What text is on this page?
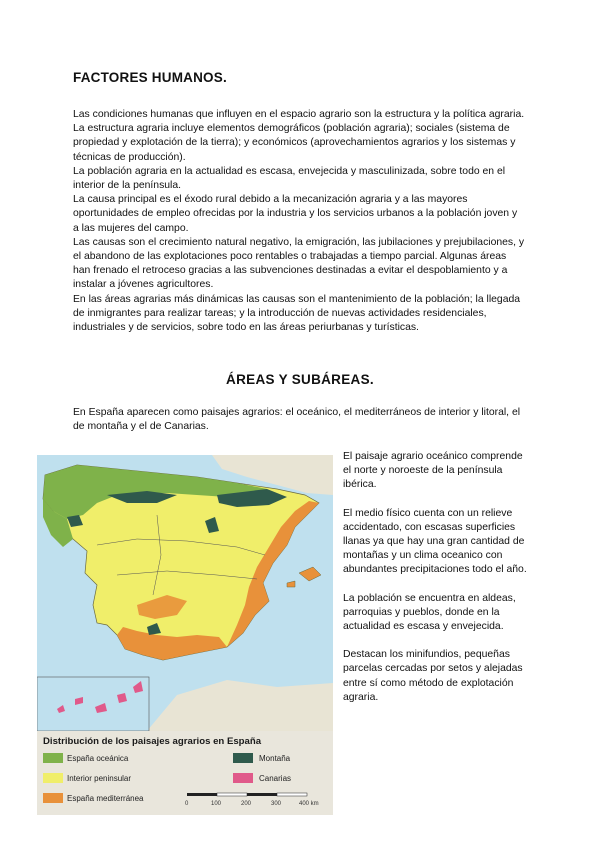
FACTORES HUMANOS.

Las condiciones humanas que influyen en el espacio agrario son la estructura y la política agraria.

La estructura agraria incluye elementos demográficos (población agraria); sociales (sistema de propiedad y explotación de la tierra); y económicos (aprovechamientos agrarios y los sistemas y técnicas de producción).

La población agraria en la actualidad es escasa, envejecida y masculinizada, sobre todo en el interior de la península.

La causa principal es el éxodo rural debido a la mecanización agraria y a las mayores oportunidades de empleo ofrecidas por la industria y los servicios urbanos a la población joven y a las mujeres del campo.

Las causas son el crecimiento natural negativo, la emigración, las jubilaciones y prejubilaciones, y el abandono de las explotaciones poco rentables o trabajadas a tiempo parcial. Algunas áreas han frenado el retroceso gracias a las subvenciones destinadas a evitar el despoblamiento y a instalar a jóvenes agricultores.

En las áreas agrarias más dinámicas las causas son el mantenimiento de la población; la llegada de inmigrantes para realizar tareas; y la introducción de nuevas actividades residenciales, industriales y de servicios, sobre todo en las áreas periurbanas y turísticas.

ÁREAS Y SUBÁREAS.

En España aparecen como paisajes agrarios: el oceánico, el mediterráneos de interior y litoral, el de montaña y el de Canarias.

Distribución de los paisajes agrarios en España
España oceánica
Interior peninsular
España mediterránea
Montaña
Canarias
0	100	200	300	400 km

El paisaje agrario oceánico comprende el norte y noroeste de la península ibérica.

El medio físico cuenta con un relieve accidentado, con escasas superficies llanas ya que hay una gran cantidad de montañas y un clima oceanico con abundantes precipitaciones todo el año.

La población se encuentra en aldeas, parroquias y pueblos, donde en la actualidad es escasa y envejecida.

Destacan los minifundios, pequeñas parcelas cercadas por setos y alejadas entre sí como método de explotación agraria.
